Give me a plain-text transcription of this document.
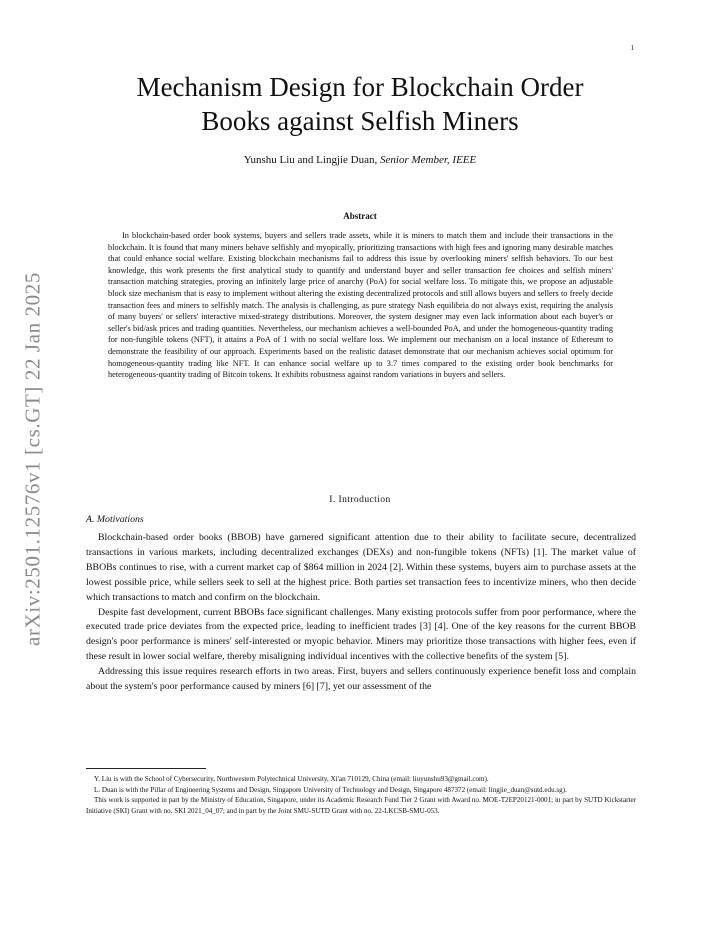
1
arXiv:2501.12576v1 [cs.GT] 22 Jan 2025
Mechanism Design for Blockchain Order
Books against Selfish Miners
Yunshu Liu and Lingjie Duan, Senior Member, IEEE
Abstract

In blockchain-based order book systems, buyers and sellers trade assets, while it is miners to match them and include their transactions in the blockchain. It is found that many miners behave selfishly and myopically, prioritizing transactions with high fees and ignoring many desirable matches that could enhance social welfare. Existing blockchain mechanisms fail to address this issue by overlooking miners' selfish behaviors. To our best knowledge, this work presents the first analytical study to quantify and understand buyer and seller transaction fee choices and selfish miners' transaction matching strategies, proving an infinitely large price of anarchy (PoA) for social welfare loss. To mitigate this, we propose an adjustable block size mechanism that is easy to implement without altering the existing decentralized protocols and still allows buyers and sellers to freely decide transaction fees and miners to selfishly match. The analysis is challenging, as pure strategy Nash equilibria do not always exist, requiring the analysis of many buyers' or sellers' interactive mixed-strategy distributions. Moreover, the system designer may even lack information about each buyer's or seller's bid/ask prices and trading quantities. Nevertheless, our mechanism achieves a well-bounded PoA, and under the homogeneous-quantity trading for non-fungible tokens (NFT), it attains a PoA of 1 with no social welfare loss. We implement our mechanism on a local instance of Ethereum to demonstrate the feasibility of our approach. Experiments based on the realistic dataset demonstrate that our mechanism achieves social optimum for homogeneous-quantity trading like NFT. It can enhance social welfare up to 3.7 times compared to the existing order book benchmarks for heterogeneous-quantity trading of Bitcoin tokens. It exhibits robustness against random variations in buyers and sellers.

I. Introduction
A. Motivations

Blockchain-based order books (BBOB) have garnered significant attention due to their ability to facilitate secure, decentralized transactions in various markets, including decentralized exchanges (DEXs) and non-fungible tokens (NFTs) [1]. The market value of BBOBs continues to rise, with a current market cap of $864 million in 2024 [2]. Within these systems, buyers aim to purchase assets at the lowest possible price, while sellers seek to sell at the highest price. Both parties set transaction fees to incentivize miners, who then decide which transactions to match and confirm on the blockchain.

Despite fast development, current BBOBs face significant challenges. Many existing protocols suffer from poor performance, where the executed trade price deviates from the expected price, leading to inefficient trades [3] [4]. One of the key reasons for the current BBOB design's poor performance is miners' self-interested or myopic behavior. Miners may prioritize those transactions with higher fees, even if these result in lower social welfare, thereby misaligning individual incentives with the collective benefits of the system [5].

Addressing this issue requires research efforts in two areas. First, buyers and sellers continuously experience benefit loss and complain about the system's poor performance caused by miners [6] [7], yet our assessment of the

Y. Liu is with the School of Cybersecurity, Northwestern Polytechnical University, Xi'an 710129, China (email: liuyunshu93@gmail.com).

L. Duan is with the Pillar of Engineering Systems and Design, Singapore University of Technology and Design, Singapore 487372 (email: lingjie_duan@sutd.edu.sg).

This work is supported in part by the Ministry of Education, Singapore, under its Academic Research Fund Tier 2 Grant with Award no. MOE-T2EP20121-0001; in part by SUTD Kickstarter Initiative (SKI) Grant with no. SKI 2021_04_07; and in part by the Joint SMU-SUTD Grant with no. 22-LKCSB-SMU-053.
